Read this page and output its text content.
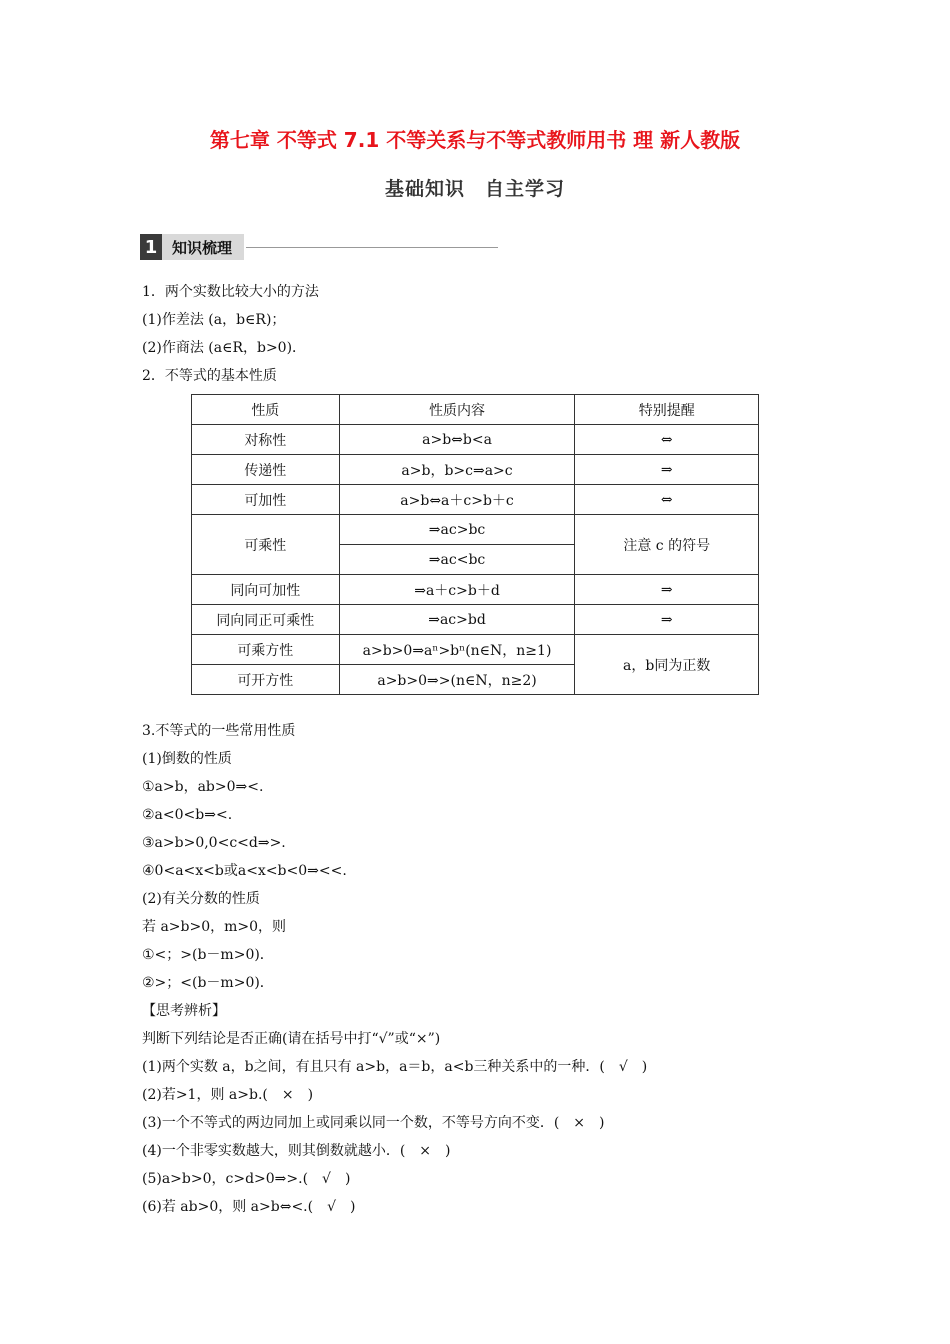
第七章 不等式 7.1 不等关系与不等式教师用书 理 新人教版
基础知识　自主学习
1 知识梳理
1．两个实数比较大小的方法
(1)作差法 (a，b∈R)；
(2)作商法 (a∈R，b>0)．
2．不等式的基本性质
性质	性质内容	特别提醒
对称性	a>b⇔b<a	⇔
传递性	a>b，b>c⇒a>c	⇒
可加性	a>b⇔a＋c>b＋c	⇔
可乘性	⇒ac>bc	注意 c 的符号
	⇒ac<bc	
同向可加性	⇒a＋c>b＋d	⇒
同向同正可乘性	⇒ac>bd	⇒
可乘方性	a>b>0⇒aⁿ>bⁿ(n∈N，n≥1)	a，b同为正数
可开方性	a>b>0⇒>(n∈N，n≥2)	
3.不等式的一些常用性质
(1)倒数的性质
①a>b，ab>0⇒<.
②a<0<b⇒<.
③a>b>0,0<c<d⇒>.
④0<a<x<b或a<x<b<0⇒<<.
(2)有关分数的性质
若 a>b>0，m>0，则
①<；>(b－m>0)．
②>；<(b－m>0)．
【思考辨析】
判断下列结论是否正确(请在括号中打“√”或“×”)
(1)两个实数 a，b之间，有且只有 a>b，a＝b，a<b三种关系中的一种．(　√　)
(2)若>1，则 a>b.(　×　)
(3)一个不等式的两边同加上或同乘以同一个数，不等号方向不变．(　×　)
(4)一个非零实数越大，则其倒数就越小．(　×　)
(5)a>b>0，c>d>0⇒>.(　√　)
(6)若 ab>0，则 a>b⇔<.(　√　)
